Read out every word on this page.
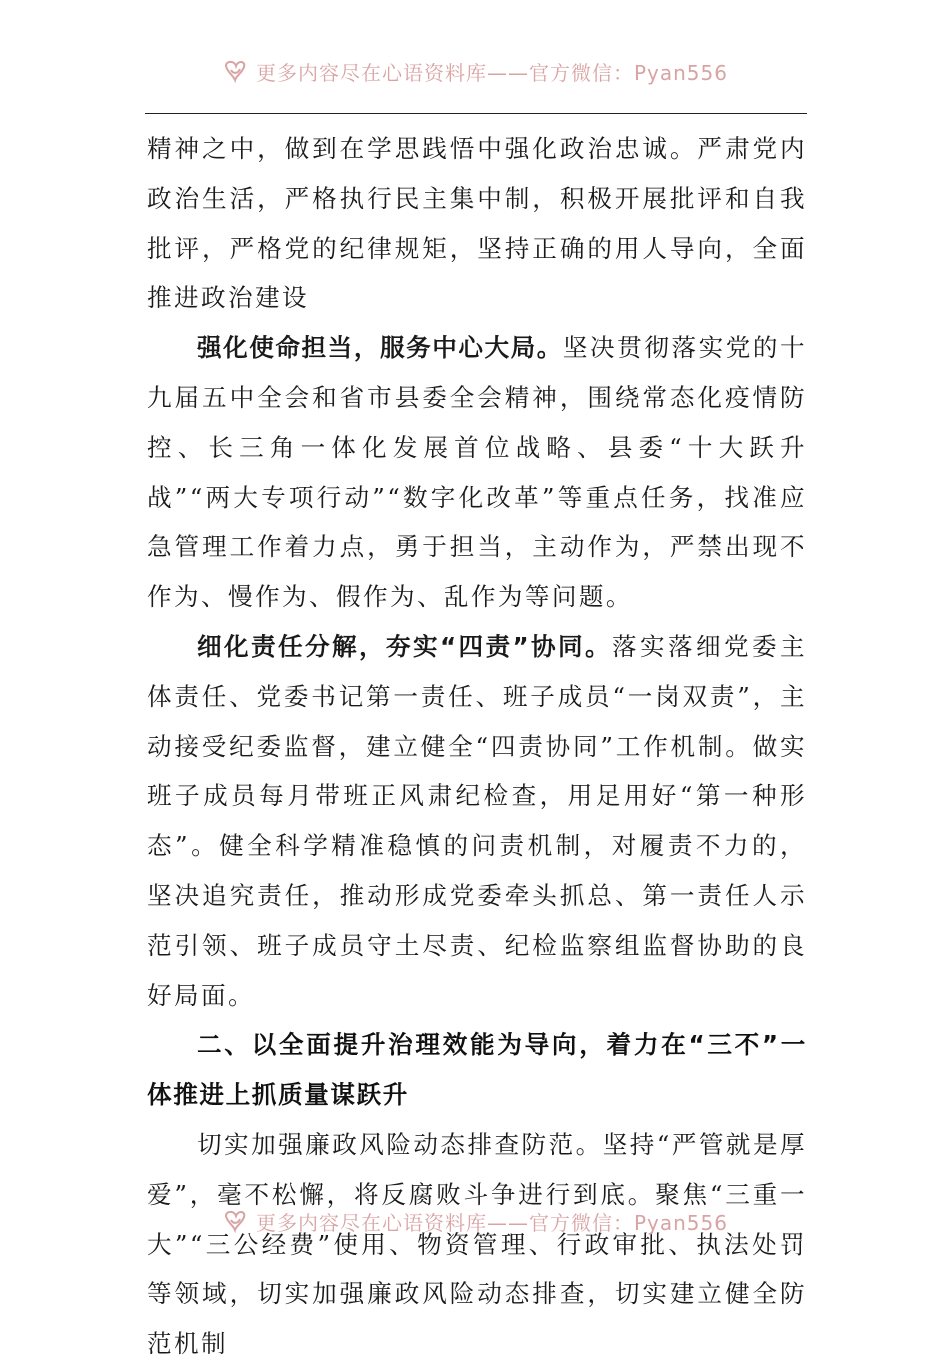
更多内容尽在心语资料库——官方微信：Pyan556

精神之中，做到在学思践悟中强化政治忠诚。严肃党内政治生活，严格执行民主集中制，积极开展批评和自我批评，严格党的纪律规矩，坚持正确的用人导向，全面推进政治建设

强化使命担当，服务中心大局。坚决贯彻落实党的十九届五中全会和省市县委全会精神，围绕常态化疫情防控、长三角一体化发展首位战略、县委“十大跃升战”“两大专项行动”“数字化改革”等重点任务，找准应急管理工作着力点，勇于担当，主动作为，严禁出现不作为、慢作为、假作为、乱作为等问题。

细化责任分解，夯实“四责”协同。落实落细党委主体责任、党委书记第一责任、班子成员“一岗双责”，主动接受纪委监督，建立健全“四责协同”工作机制。做实班子成员每月带班正风肃纪检查，用足用好“第一种形态”。健全科学精准稳慎的问责机制，对履责不力的，坚决追究责任，推动形成党委牵头抓总、第一责任人示范引领、班子成员守土尽责、纪检监察组监督协助的良好局面。

二、以全面提升治理效能为导向，着力在“三不”一体推进上抓质量谋跃升

切实加强廉政风险动态排查防范。坚持“严管就是厚爱”，毫不松懈，将反腐败斗争进行到底。聚焦“三重一大”“三公经费”使用、物资管理、行政审批、执法处罚等领域，切实加强廉政风险动态排查，切实建立健全防范机制

更多内容尽在心语资料库——官方微信：Pyan556
